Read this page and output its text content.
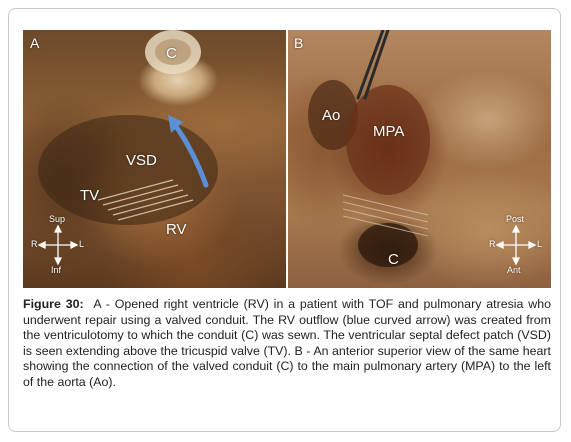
A
C
VSD
TV
RV
Sup
Inf
R	L
B
Ao
MPA
C
Post
Ant
R	L
Figure 30: A - Opened right ventricle (RV) in a patient with TOF and pulmonary atresia who underwent repair using a valved conduit. The RV outflow (blue curved arrow) was created from the ventriculotomy to which the conduit (C) was sewn. The ventricular septal defect patch (VSD) is seen extending above the tricuspid valve (TV). B - An anterior superior view of the same heart showing the connection of the valved conduit (C) to the main pulmonary artery (MPA) to the left of the aorta (Ao).
